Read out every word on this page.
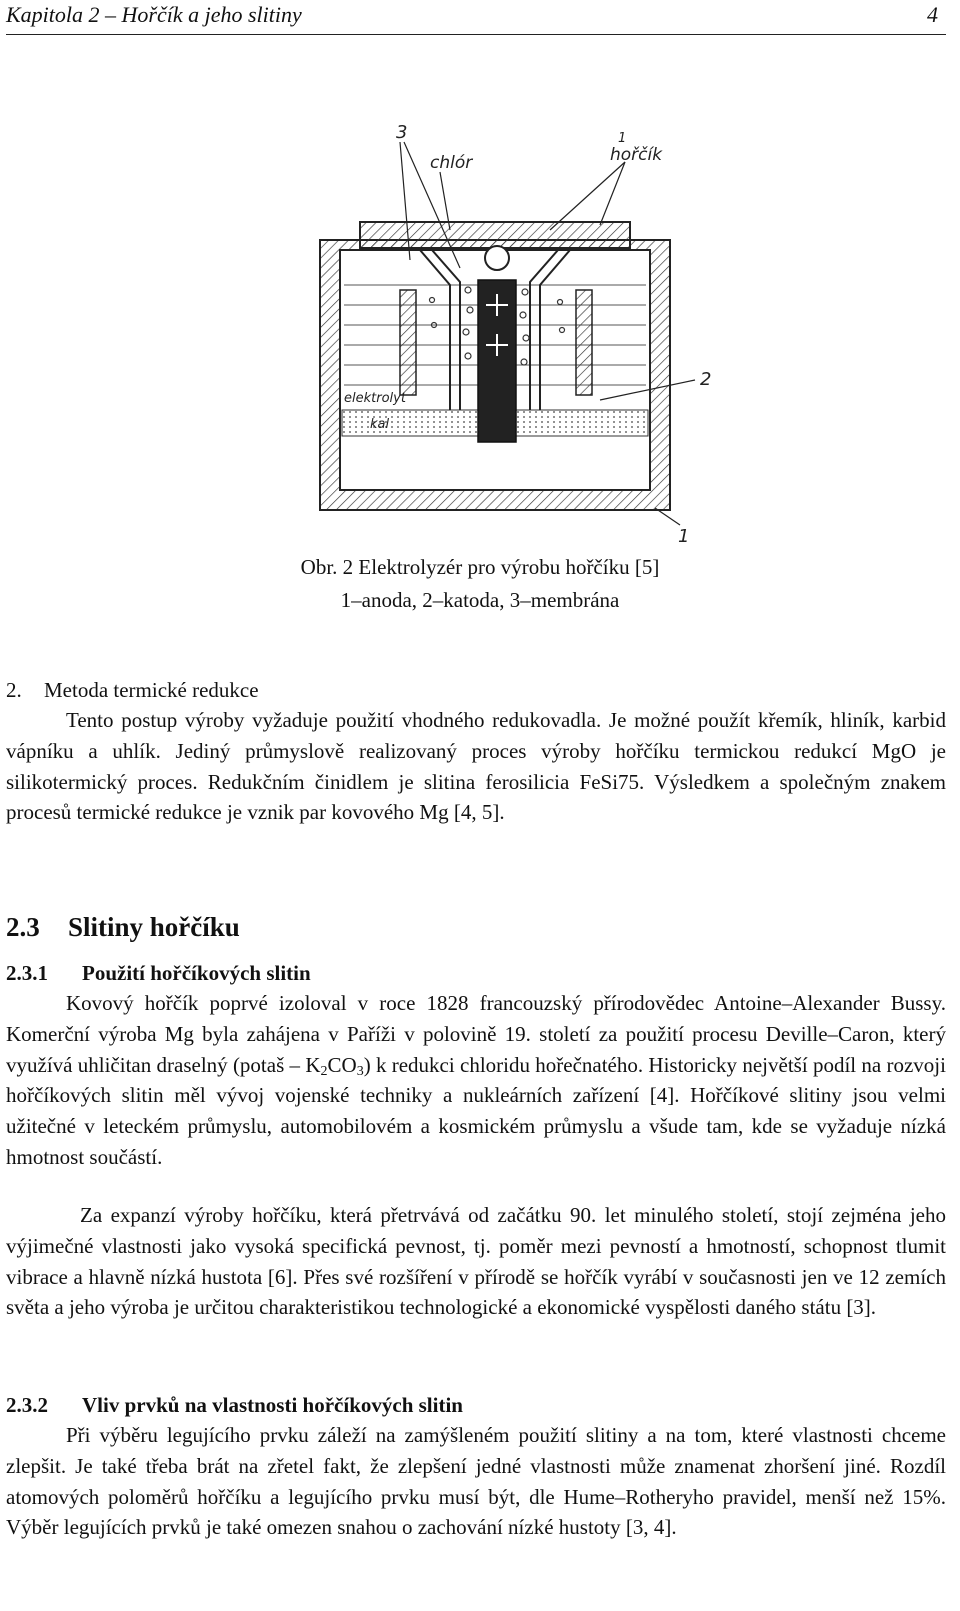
Kapitola 2 – Hořčík a jeho slitiny	4
3
chlór
1
hořčík
2
1
elektrolyt
kal
Obr. 2 Elektrolyzér pro výrobu hořčíku [5]
1–anoda, 2–katoda, 3–membrána
2. Metoda termické redukce
Tento postup výroby vyžaduje použití vhodného redukovadla. Je možné použít křemík, hliník, karbid vápníku a uhlík. Jediný průmyslově realizovaný proces výroby hořčíku termickou redukcí MgO je silikotermický proces. Redukčním činidlem je slitina ferosilicia FeSi75. Výsledkem a společným znakem procesů termické redukce je vznik par kovového Mg [4, 5].
2.3 Slitiny hořčíku
2.3.1 Použití hořčíkových slitin
Kovový hořčík poprvé izoloval v roce 1828 francouzský přírodovědec Antoine–Alexander Bussy. Komerční výroba Mg byla zahájena v Paříži v polovině 19. století za použití procesu Deville–Caron, který využívá uhličitan draselný (potaš – $K_2CO_3$) k redukci chloridu hořečnatého. Historicky největší podíl na rozvoji hořčíkových slitin měl vývoj vojenské techniky a nukleárních zařízení [4]. Hořčíkové slitiny jsou velmi užitečné v leteckém průmyslu, automobilovém a kosmickém průmyslu a všude tam, kde se vyžaduje nízká hmotnost součástí.
Za expanzí výroby hořčíku, která přetrvává od začátku 90. let minulého století, stojí zejména jeho výjimečné vlastnosti jako vysoká specifická pevnost, tj. poměr mezi pevností a hmotností, schopnost tlumit vibrace a hlavně nízká hustota [6]. Přes své rozšíření v přírodě se hořčík vyrábí v současnosti jen ve 12 zemích světa a jeho výroba je určitou charakteristikou technologické a ekonomické vyspělosti daného státu [3].
2.3.2 Vliv prvků na vlastnosti hořčíkových slitin
Při výběru legujícího prvku záleží na zamýšleném použití slitiny a na tom, které vlastnosti chceme zlepšit. Je také třeba brát na zřetel fakt, že zlepšení jedné vlastnosti může znamenat zhoršení jiné. Rozdíl atomových poloměrů hořčíku a legujícího prvku musí být, dle Hume–Rotheryho pravidel, menší než 15%. Výběr legujících prvků je také omezen snahou o zachování nízké hustoty [3, 4].
